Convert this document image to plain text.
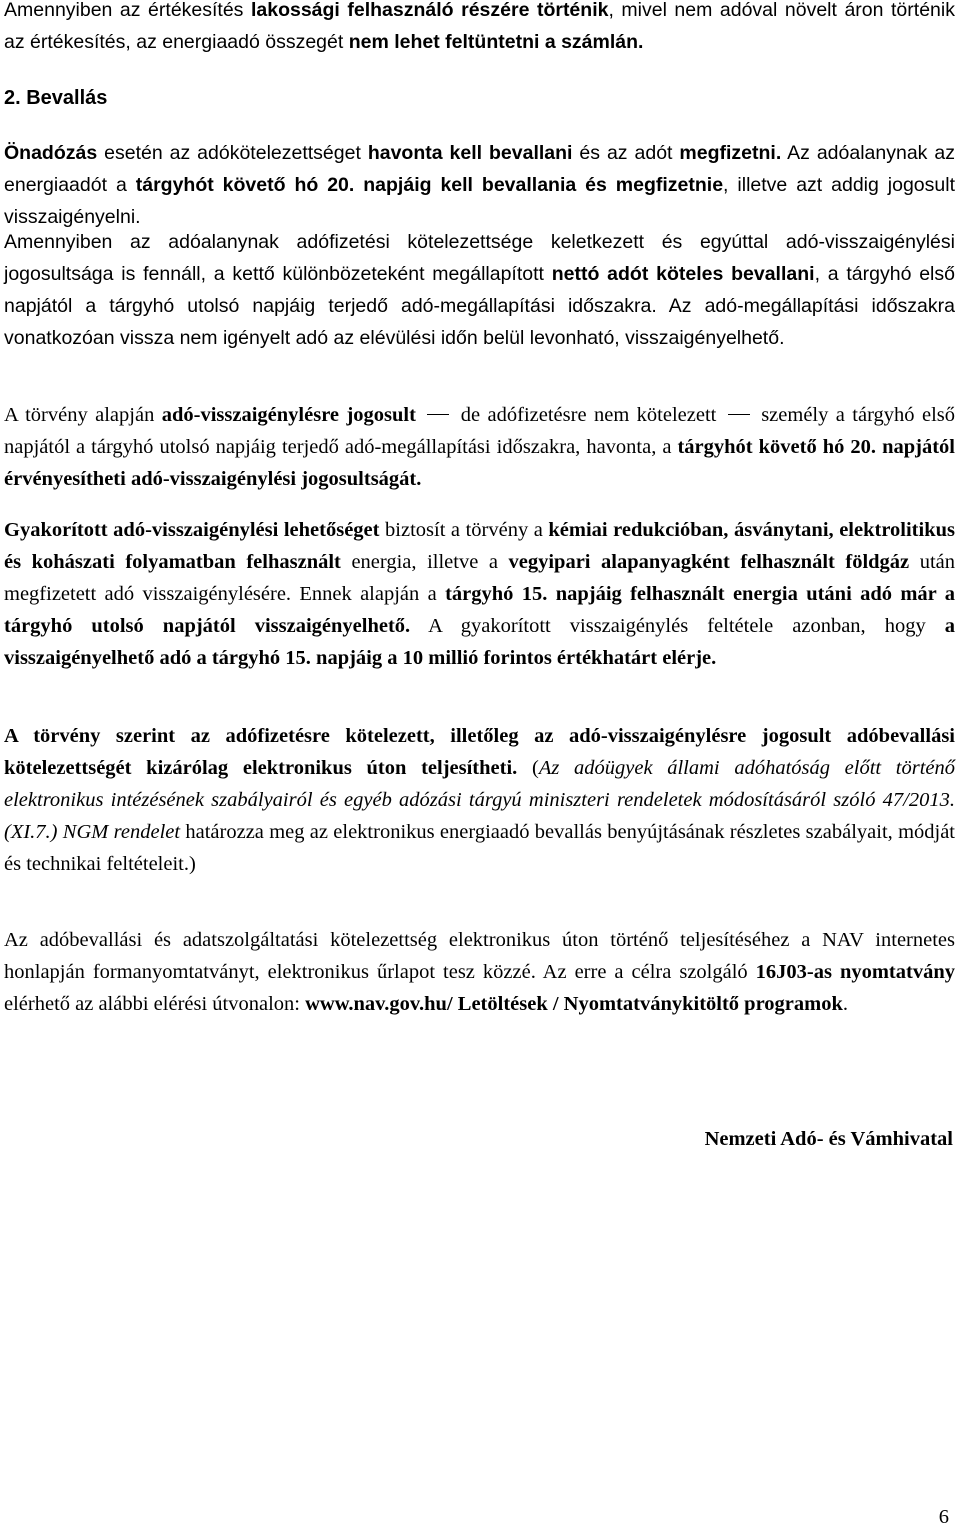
Amennyiben az értékesítés lakossági felhasználó részére történik, mivel nem adóval növelt áron történik az értékesítés, az energiaadó összegét nem lehet feltüntetni a számlán.

2. Bevallás

Önadózás esetén az adókötelezettséget havonta kell bevallani és az adót megfizetni. Az adóalanynak az energiaadót a tárgyhót követő hó 20. napjáig kell bevallania és megfizetnie, illetve azt addig jogosult visszaigényelni.

Amennyiben az adóalanynak adófizetési kötelezettsége keletkezett és egyúttal adó-visszaigénylési jogosultsága is fennáll, a kettő különbözeteként megállapított nettó adót köteles bevallani, a tárgyhó első napjától a tárgyhó utolsó napjáig terjedő adó-megállapítási időszakra. Az adó-megállapítási időszakra vonatkozóan vissza nem igényelt adó az elévülési időn belül levonható, visszaigényelhető.

A törvény alapján adó-visszaigénylésre jogosult de adófizetésre nem kötelezett személy a tárgyhó első napjától a tárgyhó utolsó napjáig terjedő adó-megállapítási időszakra, havonta, a tárgyhót követő hó 20. napjától érvényesítheti adó-visszaigénylési jogosultságát.

Gyakorított adó-visszaigénylési lehetőséget biztosít a törvény a kémiai redukcióban, ásványtani, elektrolitikus és kohászati folyamatban felhasznált energia, illetve a vegyipari alapanyagként felhasznált földgáz után megfizetett adó visszaigénylésére. Ennek alapján a tárgyhó 15. napjáig felhasznált energia utáni adó már a tárgyhó utolsó napjától visszaigényelhető. A gyakorított visszaigénylés feltétele azonban, hogy a visszaigényelhető adó a tárgyhó 15. napjáig a 10 millió forintos értékhatárt elérje.

A törvény szerint az adófizetésre kötelezett, illetőleg az adó-visszaigénylésre jogosult adóbevallási kötelezettségét kizárólag elektronikus úton teljesítheti. (Az adóügyek állami adóhatóság előtt történő elektronikus intézésének szabályairól és egyéb adózási tárgyú miniszteri rendeletek módosításáról szóló 47/2013. (XI.7.) NGM rendelet határozza meg az elektronikus energiaadó bevallás benyújtásának részletes szabályait, módját és technikai feltételeit.)

Az adóbevallási és adatszolgáltatási kötelezettség elektronikus úton történő teljesítéséhez a NAV internetes honlapján formanyomtatványt, elektronikus űrlapot tesz közzé. Az erre a célra szolgáló 16J03-as nyomtatvány elérhető az alábbi elérési útvonalon: www.nav.gov.hu/ Letöltések / Nyomtatványkitöltő programok.

Nemzeti Adó- és Vámhivatal
6
